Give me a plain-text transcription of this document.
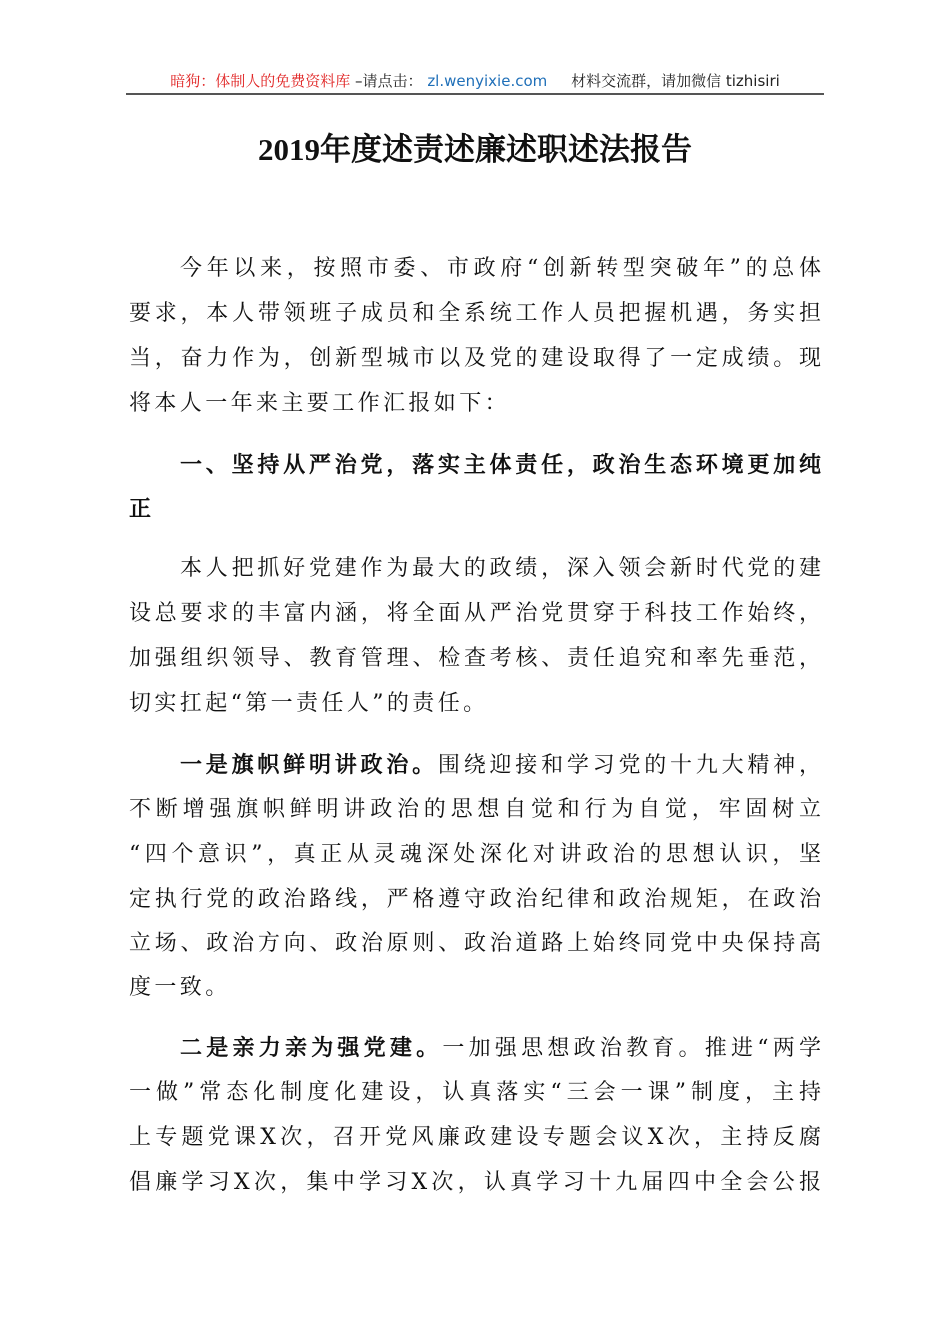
暗狗：体制人的免费资料库 –请点击： zl.wenyixie.com 材料交流群，请加微信 tizhisiri
2019年度述责述廉述职述法报告
今年以来，按照市委、市政府“创新转型突破年”的总体
要求，本人带领班子成员和全系统工作人员把握机遇，务实担
当，奋力作为，创新型城市以及党的建设取得了一定成绩。现
将本人一年来主要工作汇报如下：
一、坚持从严治党，落实主体责任，政治生态环境更加纯
正
本人把抓好党建作为最大的政绩，深入领会新时代党的建
设总要求的丰富内涵，将全面从严治党贯穿于科技工作始终，
加强组织领导、教育管理、检查考核、责任追究和率先垂范，
切实扛起“第一责任人”的责任。
一是旗帜鲜明讲政治。围绕迎接和学习党的十九大精神，
不断增强旗帜鲜明讲政治的思想自觉和行为自觉，牢固树立
“四个意识”，真正从灵魂深处深化对讲政治的思想认识，坚
定执行党的政治路线，严格遵守政治纪律和政治规矩，在政治
立场、政治方向、政治原则、政治道路上始终同党中央保持高
度一致。
二是亲力亲为强党建。一加强思想政治教育。推进“两学
一做”常态化制度化建设，认真落实“三会一课”制度，主持
上专题党课X次，召开党风廉政建设专题会议X次，主持反腐
倡廉学习X次，集中学习X次，认真学习十九届四中全会公报
